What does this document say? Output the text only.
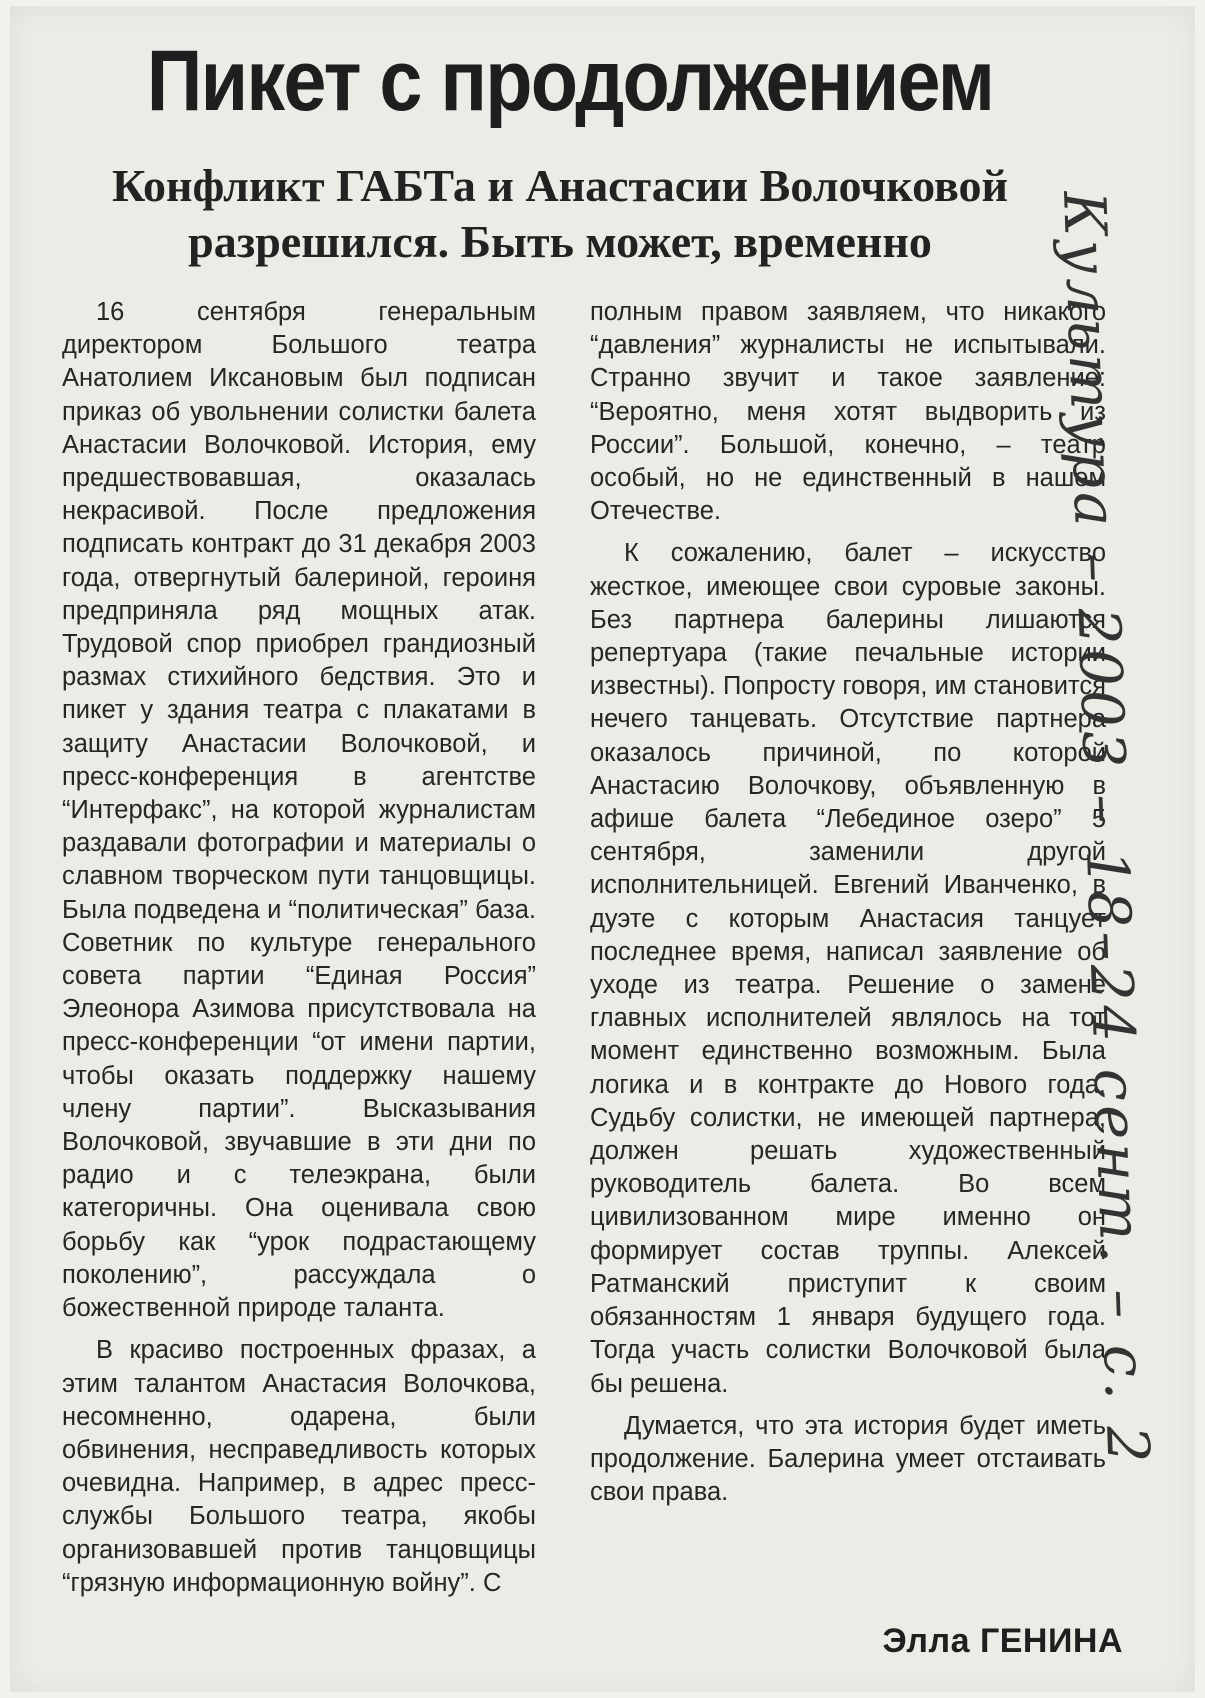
Пикет с продолжением
Конфликт ГАБТа и Анастасии Волочковой разрешился. Быть может, временно

16 сентября генеральным директором Большого театра Анатолием Иксановым был подписан приказ об увольнении солистки балета Анастасии Волочковой. История, ему предшествовавшая, оказалась некрасивой. После предложения подписать контракт до 31 декабря 2003 года, отвергнутый балериной, героиня предприняла ряд мощных атак. Трудовой спор приобрел грандиозный размах стихийного бедствия. Это и пикет у здания театра с плакатами в защиту Анастасии Волочковой, и пресс-конференция в агентстве “Интерфакс”, на которой журналистам раздавали фотографии и материалы о славном творческом пути танцовщицы. Была подведена и “политическая” база. Советник по культуре генерального совета партии “Единая Россия” Элеонора Азимова присутствовала на пресс-конференции “от имени партии, чтобы оказать поддержку нашему члену партии”. Высказывания Волочковой, звучавшие в эти дни по радио и с телеэкрана, были категоричны. Она оценивала свою борьбу как “урок подрастающему поколению”, рассуждала о божественной природе таланта.

В красиво построенных фразах, а этим талантом Анастасия Волочкова, несомненно, одарена, были обвинения, несправедливость которых очевидна. Например, в адрес пресс-службы Большого театра, якобы организовавшей против танцовщицы “грязную информационную войну”. С

полным правом заявляем, что никакого “давления” журналисты не испытывали. Странно звучит и такое заявление: “Вероятно, меня хотят выдворить из России”. Большой, конечно, – театр особый, но не единственный в нашем Отечестве.

К сожалению, балет – искусство жесткое, имеющее свои суровые законы. Без партнера балерины лишаются репертуара (такие печальные истории известны). Попросту говоря, им становится нечего танцевать. Отсутствие партнера оказалось причиной, по которой Анастасию Волочкову, объявленную в афише балета “Лебединое озеро” 5 сентября, заменили другой исполнительницей. Евгений Иванченко, в дуэте с которым Анастасия танцует последнее время, написал заявление об уходе из театра. Решение о замене главных исполнителей являлось на тот момент единственно возможным. Была логика и в контракте до Нового года. Судьбу солистки, не имеющей партнера, должен решать художественный руководитель балета. Во всем цивилизованном мире именно он формирует состав труппы. Алексей Ратманский приступит к своим обязанностям 1 января будущего года. Тогда участь солистки Волочковой была бы решена.

Думается, что эта история будет иметь продолжение. Балерина умеет отстаивать свои права.

Элла ГЕНИНА
Культура – 2003 – 18–24 сент. – с. 2
